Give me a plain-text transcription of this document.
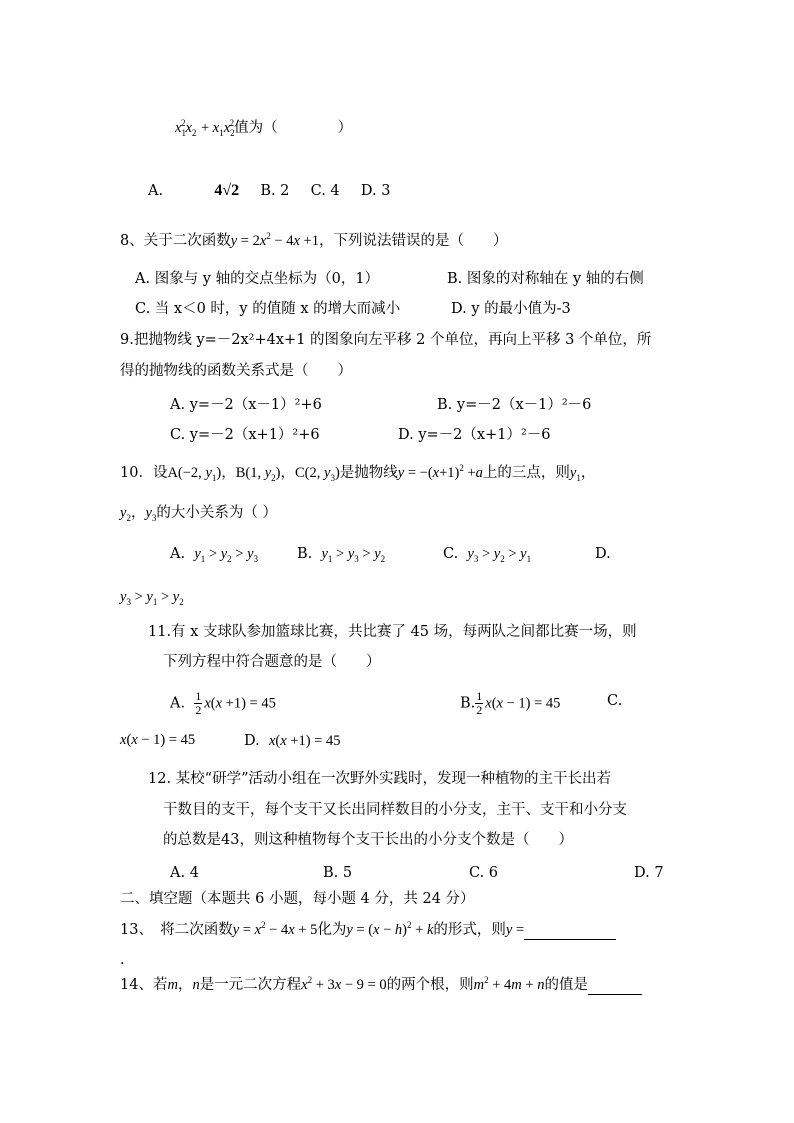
$x_1^2x_2 + x_1x_2^2$值为（	）
A.	4√2 B. 2 C. 4 D. 3
8、关于二次函数$y = 2x^2 - 4x +1$，下列说法错误的是（　　）
A. 图象与 y 轴的交点坐标为（0，1）	B. 图象的对称轴在 y 轴的右侧
C. 当 x＜0 时，y 的值随 x 的增大而减小	D. y 的最小值为-3
9.把抛物线 y=－2x²+4x+1 的图象向左平移 2 个单位，再向上平移 3 个单位，所
得的抛物线的函数关系式是（　　）
A. y=－2（x－1）²+6	B. y=－2（x－1）²－6
C. y=－2（x+1）²+6	D. y=－2（x+1）²－6
10．设A(−2, $y_1$)，B(1, $y_2$)，C(2, $y_3$)是抛物线$y = -(x+1)^2 +a$上的三点，则$y_1$，
$y_2$，$y_3$的大小关系为（ ）
A. $y_1 > y_2 > y_3$	B. $y_1 > y_3 > y_2$	C. $y_3 > y_2 > y_1$	D.
$y_3 > y_1 > y_2$
11.有 x 支球队参加篮球比赛，共比赛了 45 场，每两队之间都比赛一场，则
下列方程中符合题意的是（　　）
A. $\frac{1}{2} x(x +1) = 45$	B. $\frac{1}{2} x(x - 1) = 45$	C.
x(x − 1) = 45	D. x(x +1) = 45
12. 某校“研学”活动小组在一次野外实践时，发现一种植物的主干长出若
干数目的支干，每个支干又长出同样数目的小分支，主干、支干和小分支
的总数是43，则这种植物每个支干长出的小分支个数是（　　）
A. 4	B. 5	C. 6	D. 7
二、填空题（本题共 6 小题，每小题 4 分，共 24 分）
13、　将二次函数$y = x^2 - 4x + 5$化为$y = (x - h)^2 + k$的形式，则y =
.
14、若m，n是一元二次方程$x^2 + 3x - 9 = 0$的两个根，则$m^2 + 4m + n$的值是
